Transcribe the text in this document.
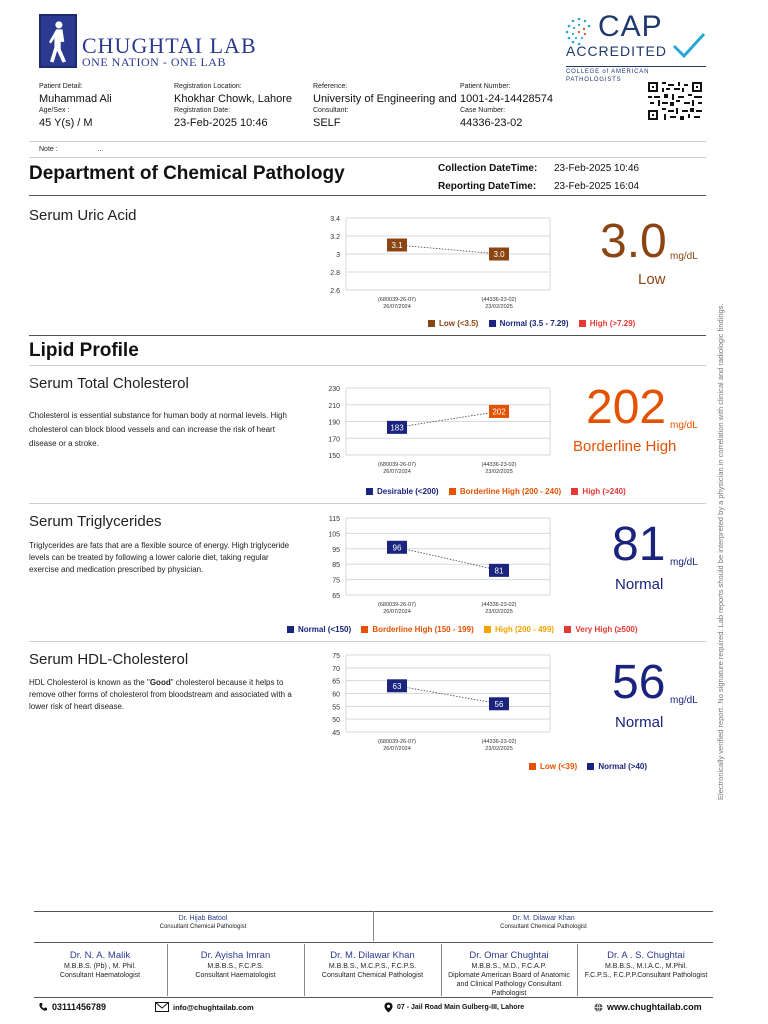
CHUGHTAI LAB
ONE NATION - ONE LAB
CAP
ACCREDITED
COLLEGE of AMERICAN PATHOLOGISTS
Patient Detail:
Muhammad Ali
Age/Sex :
45 Y(s) / M
Registration Location:
Khokhar Chowk, Lahore
Registration Date:
23-Feb-2025 10:46
Reference:
University of Engineering and
Consultant:
SELF
Patient Number:
1001-24-14428574
Case Number:
44336-23-02
Note :	...
Department of Chemical Pathology	Collection DateTime: 23-Feb-2025 10:46
Reporting DateTime: 23-Feb-2025 16:04
Serum Uric Acid	3.4
3.2
3
2.8
2.6
3.1
(680039-26-07)
26/07/2024
3.0
(44336-23-02)
23/02/2025
3.0 mg/dL
Low
Low (<3.5)	Normal (3.5 - 7.29)	High (>7.29)
Lipid Profile
Serum Total Cholesterol
Cholesterol is essential substance for human body at normal levels. High cholesterol can block blood vessels and can increase the risk of heart disease or a stroke.
230
210
190
170
150
183
(680039-26-07)
26/07/2024
202
(44336-23-02)
23/02/2025
202 mg/dL
Borderline High
Desirable (<200)	Borderline High (200 - 240)	High (>240)
Serum Triglycerides
Triglycerides are fats that are a flexible source of energy. High triglyceride levels can be treated by following a lower calorie diet, taking regular exercise and medication prescribed by physician.
115
105
95
85
75
65
96
(680039-26-07)
26/07/2024
81
(44336-23-02)
23/02/2025
81 mg/dL
Normal
Normal (<150)	Borderline High (150 - 199)	High (200 - 499)	Very High (≥500)
Serum HDL-Cholesterol
HDL Cholesterol is known as the "Good" cholesterol because it helps to remove other forms of cholesterol from bloodstream and associated with a lower risk of heart disease.
75
70
65
60
55
50
45
63
(680039-26-07)
26/07/2024
56
(44336-23-02)
23/02/2025
56 mg/dL
Normal
Low (<39)	Normal (>40)	Electronically verified report. No signature required. Lab reports should be interpreted by a physician in correlation with clinical and radiologic findings.
Dr. Hijab Batool
Consultant Chemical Pathologist
Dr. M. Dilawar Khan
Consultant Chemical Pathologist
Dr. N. A. Malik
M.B.B.S. (Pb) , M. Phil.
Consultant Haematologist
Dr. Ayisha Imran
M.B.B.S., F.C.P.S.
Consultant Haematologist
Dr. M. Dilawar Khan
M.B.B.S., M.C.P.S., F.C.P.S.
Consultant Chemical Pathologist
Dr. Omar Chughtai
M.B.B.S., M.D., F.C.A.P.
Diplomate American Board of Anatomic and Clinical Pathology Consultant Pathologist
Dr. A . S. Chughtai
M.B.B.S., M.I.A.C., M.Phil.
F.C.P.S., F.C.P.P.Consultant Pathologist
03111456789	info@chughtailab.com	07 - Jail Road Main Gulberg-III, Lahore	www.chughtailab.com
